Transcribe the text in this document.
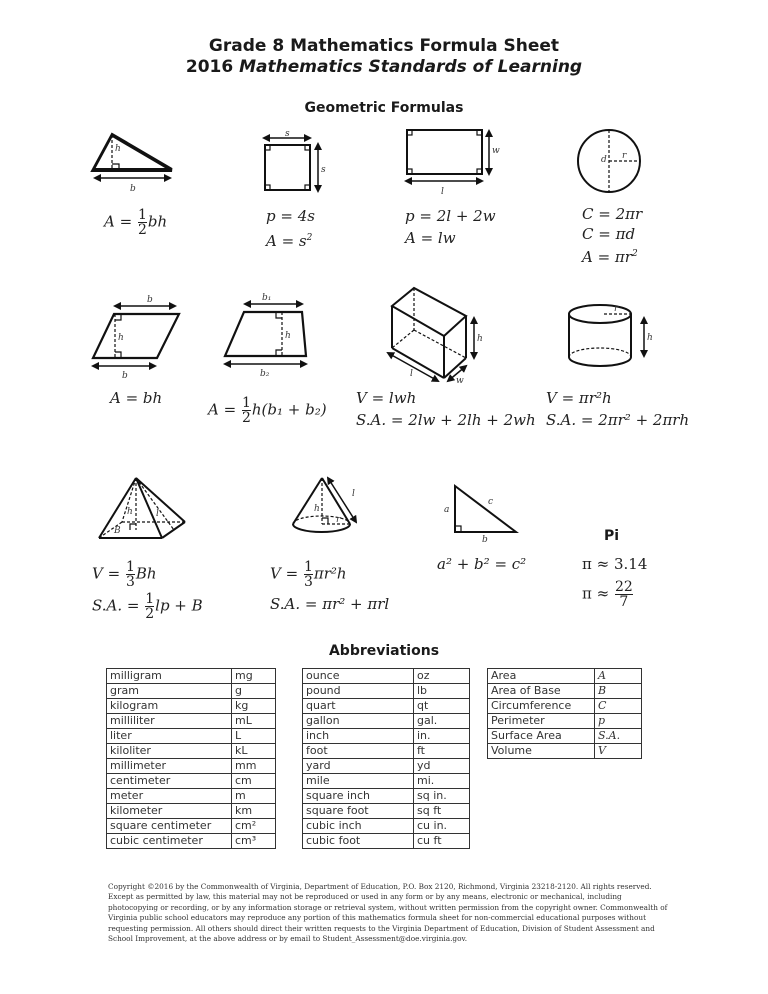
Grade 8 Mathematics Formula Sheet
2016 Mathematics Standards of Learning
Geometric Formulas
h
b
$A = \frac{1}{2}$ bh
s
s
p = 4s
$A = s^2$
w
l
p = 2l + 2w
A = lw
d r
C = 2πr
C = πd
$A = \pi r^2$
b
h
b
A = bh
b₁
h
b₂
$A = \frac{1}{2} h(b_1 + b_2)$
h
l
w
V = lwh
S.A. = 2lw + 2lh + 2wh
r
h
V = πr²h
S.A. = 2πr² + 2πrh
h	l
B
$V = \frac{1}{3}$ Bh
S.A. = $\frac{1}{2}$ lp + B
h
l
r
$V = \frac{1}{3} \pi r^2h$
S.A. = πr² + πrl
a
c
b
a² + b² = c²
Pi
π ≈ 3.14
$\pi \approx \frac{22}{7}$
Abbreviations
milligram	mg
gram	g
kilogram	kg
milliliter	mL
liter	L
kiloliter	kL
millimeter	mm
centimeter	cm
meter	m
kilometer	km
square centimeter	cm²
cubic centimeter	cm³
ounce	oz
pound	lb
quart	qt
gallon	gal.
inch	in.
foot	ft
yard	yd
mile	mi.
square inch	sq in.
square foot	sq ft
cubic inch	cu in.
cubic foot	cu ft
Area	A
Area of Base	B
Circumference	C
Perimeter	p
Surface Area	S.A.
Volume	V
Copyright ©2016 by the Commonwealth of Virginia, Department of Education, P.O. Box 2120, Richmond, Virginia 23218-2120. All rights reserved. Except as permitted by law, this material may not be reproduced or used in any form or by any means, electronic or mechanical, including photocopying or recording, or by any information storage or retrieval system, without written permission from the copyright owner. Commonwealth of Virginia public school educators may reproduce any portion of this mathematics formula sheet for non-commercial educational purposes without requesting permission. All others should direct their written requests to the Virginia Department of Education, Division of Student Assessment and School Improvement, at the above address or by email to Student_Assessment@doe.virginia.gov.
